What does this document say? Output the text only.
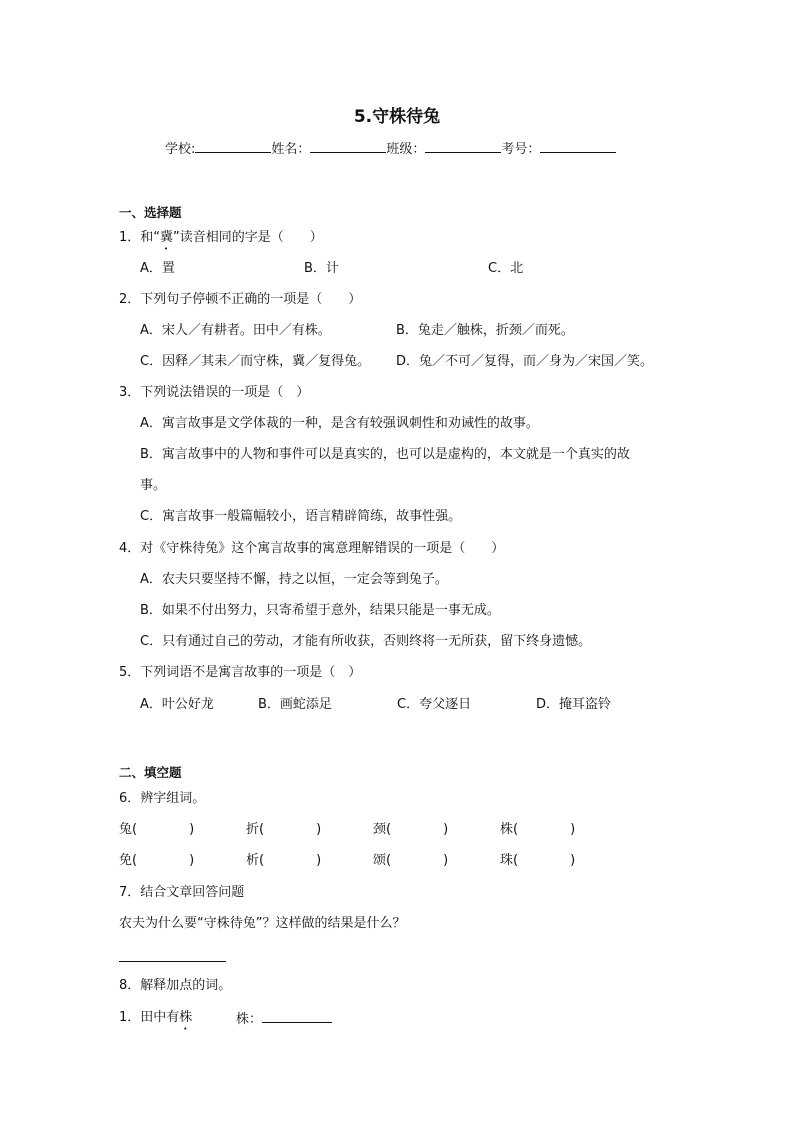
5.守株待兔
学校:	姓名：	班级：	考号：
一、选择题
1．和“冀”读音相同的字是（　　）
A．置	B．计	C．北
2．下列句子停顿不正确的一项是（　　）
A．宋人／有耕者。田中／有株。	B．兔走／触株，折颈／而死。
C．因释／其耒／而守株，冀／复得兔。 D．兔／不可／复得，而／身为／宋国／笑。
3．下列说法错误的一项是（　）
A．寓言故事是文学体裁的一种，是含有较强讽刺性和劝诫性的故事。
B．寓言故事中的人物和事件可以是真实的，也可以是虚构的，本文就是一个真实的故
事。
C．寓言故事一般篇幅较小，语言精辟简练，故事性强。
4．对《守株待兔》这个寓言故事的寓意理解错误的一项是（　　）
A．农夫只要坚持不懈，持之以恒，一定会等到兔子。
B．如果不付出努力，只寄希望于意外，结果只能是一事无成。
C．只有通过自己的劳动，才能有所收获，否则终将一无所获，留下终身遗憾。
5．下列词语不是寓言故事的一项是（　）
A．叶公好龙	B．画蛇添足	C．夸父逐日	D．掩耳盗铃
二、填空题
6．辨字组词。
兔(　　　　)	折(　　　　)	颈(　　　　)	株(　　　　)
免(　　　　)	析(　　　　)	颂(　　　　)	珠(　　　　)
7．结合文章回答问题
农夫为什么要“守株待兔”？这样做的结果是什么？
8．解释加点的词。
1．田中有株	株：
